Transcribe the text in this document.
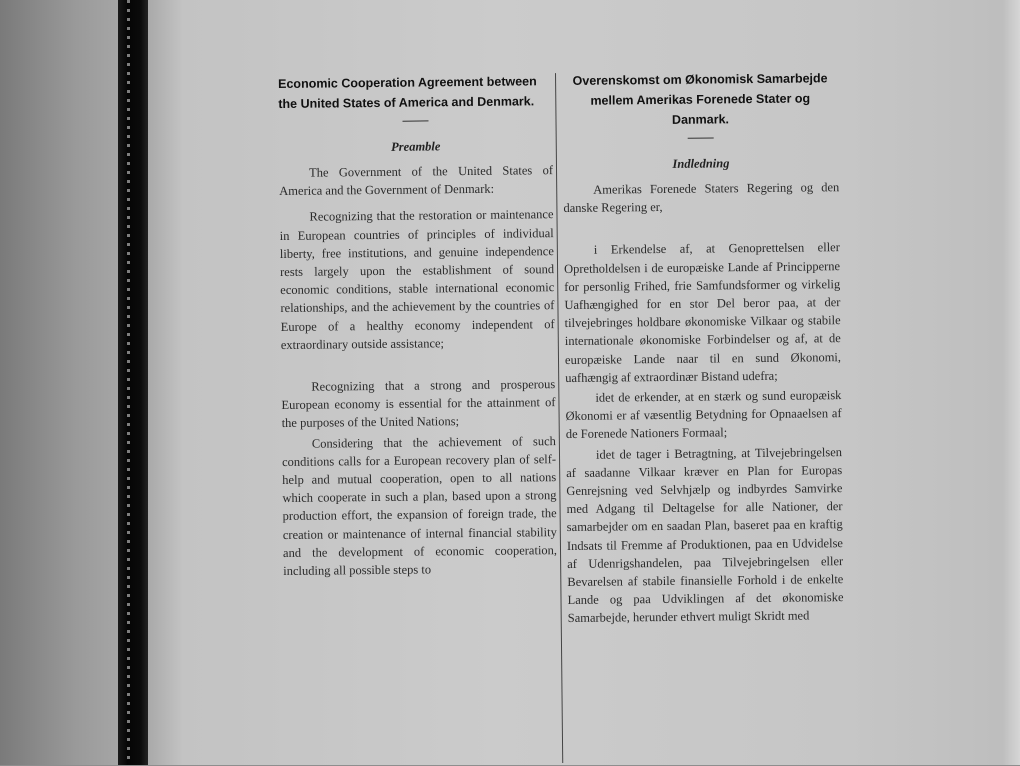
Economic Cooperation Agreement between the United States of America and Denmark.

Preamble

The Government of the United States of America and the Government of Denmark:

Recognizing that the restoration or maintenance in European countries of principles of individual liberty, free institutions, and genuine independence rests largely upon the establishment of sound economic conditions, stable international economic relationships, and the achievement by the countries of Europe of a healthy economy independent of extraordinary outside assistance;

Recognizing that a strong and prosperous European economy is essential for the attainment of the purposes of the United Nations;

Considering that the achievement of such conditions calls for a European recovery plan of self-help and mutual cooperation, open to all nations which cooperate in such a plan, based upon a strong production effort, the expansion of foreign trade, the creation or maintenance of internal financial stability and the development of economic cooperation, including all possible steps to

Overenskomst om Økonomisk Samarbejde mellem Amerikas Forenede Stater og Danmark.

Indledning

Amerikas Forenede Staters Regering og den danske Regering er,

i Erkendelse af, at Genoprettelsen eller Opretholdelsen i de europæiske Lande af Principperne for personlig Frihed, frie Samfundsformer og virkelig Uafhængighed for en stor Del beror paa, at der tilvejebringes holdbare økonomiske Vilkaar og stabile internationale økonomiske Forbindelser og af, at de europæiske Lande naar til en sund Økonomi, uafhængig af extraordinær Bistand udefra;

idet de erkender, at en stærk og sund europæisk Økonomi er af væsentlig Betydning for Opnaaelsen af de Forenede Nationers Formaal;

idet de tager i Betragtning, at Tilvejebringelsen af saadanne Vilkaar kræver en Plan for Europas Genrejsning ved Selvhjælp og indbyrdes Samvirke med Adgang til Deltagelse for alle Nationer, der samarbejder om en saadan Plan, baseret paa en kraftig Indsats til Fremme af Produktionen, paa en Udvidelse af Udenrigshandelen, paa Tilvejebringelsen eller Bevarelsen af stabile finansielle Forhold i de enkelte Lande og paa Udviklingen af det økonomiske Samarbejde, herunder ethvert muligt Skridt med
